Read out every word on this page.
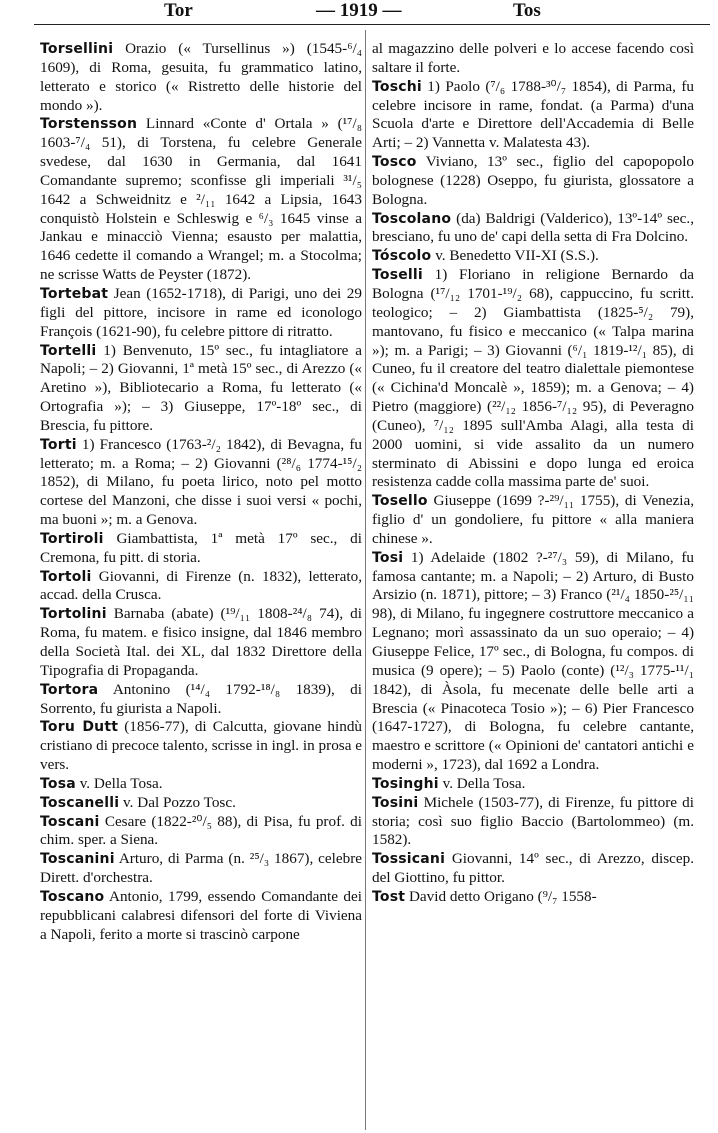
Tor	— 1919 —	Tos

Torsellini Orazio (« Tursellinus ») (1545-⁶/₄ 1609), di Roma, gesuita, fu grammatico latino, letterato e storico (« Ristretto delle historie del mondo »).

Torstensson Linnard «Conte d' Ortala » (¹⁷/₈ 1603-⁷/₄ 51), di Torstena, fu celebre Generale svedese, dal 1630 in Germania, dal 1641 Comandante supremo; sconfisse gli imperiali ³¹/₅ 1642 a Schweidnitz e ²/₁₁ 1642 a Lipsia, 1643 conquistò Holstein e Schleswig e ⁶/₃ 1645 vinse a Jankau e minacciò Vienna; esausto per malattia, 1646 cedette il comando a Wrangel; m. a Stocolma; ne scrisse Watts de Peyster (1872).

Tortebat Jean (1652-1718), di Parigi, uno dei 29 figli del pittore, incisore in rame ed iconologo François (1621-90), fu celebre pittore di ritratto.

Tortelli 1) Benvenuto, 15º sec., fu intagliatore a Napoli; – 2) Giovanni, 1ª metà 15º sec., di Arezzo (« Aretino »), Bibliotecario a Roma, fu letterato (« Ortografia »); – 3) Giuseppe, 17º-18º sec., di Brescia, fu pittore.

Torti 1) Francesco (1763-²/₂ 1842), di Bevagna, fu letterato; m. a Roma; – 2) Giovanni (²⁸/₆ 1774-¹⁵/₂ 1852), di Milano, fu poeta lirico, noto pel motto cortese del Manzoni, che disse i suoi versi « pochi, ma buoni »; m. a Genova.

Tortiroli Giambattista, 1ª metà 17º sec., di Cremona, fu pitt. di storia.

Tortoli Giovanni, di Firenze (n. 1832), letterato, accad. della Crusca.

Tortolini Barnaba (abate) (¹⁹/₁₁ 1808-²⁴/₈ 74), di Roma, fu matem. e fisico insigne, dal 1846 membro della Società Ital. dei XL, dal 1832 Direttore della Tipografia di Propaganda.

Tortora Antonino (¹⁴/₄ 1792-¹⁸/₈ 1839), di Sorrento, fu giurista a Napoli.

Toru Dutt (1856-77), di Calcutta, giovane hindù cristiano di precoce talento, scrisse in ingl. in prosa e vers.

Tosa v. Della Tosa.

Toscanelli v. Dal Pozzo Tosc.

Toscani Cesare (1822-²⁰/₅ 88), di Pisa, fu prof. di chim. sper. a Siena.

Toscanini Arturo, di Parma (n. ²⁵/₃ 1867), celebre Dirett. d'orchestra.

Toscano Antonio, 1799, essendo Comandante dei repubblicani calabresi difensori del forte di Viviena a Napoli, ferito a morte si trascinò carpone

al magazzino delle polveri e lo accese facendo così saltare il forte.

Toschi 1) Paolo (⁷/₆ 1788-³⁰/₇ 1854), di Parma, fu celebre incisore in rame, fondat. (a Parma) d'una Scuola d'arte e Direttore dell'Accademia di Belle Arti; – 2) Vannetta v. Malatesta 43).

Tosco Viviano, 13º sec., figlio del capopopolo bolognese (1228) Oseppo, fu giurista, glossatore a Bologna.

Toscolano (da) Baldrigi (Valderico), 13º-14º sec., bresciano, fu uno de' capi della setta di Fra Dolcino.

Tóscolo v. Benedetto VII-XI (S.S.).

Toselli 1) Floriano in religione Bernardo da Bologna (¹⁷/₁₂ 1701-¹⁹/₂ 68), cappuccino, fu scritt. teologico; – 2) Giambattista (1825-⁵/₂ 79), mantovano, fu fisico e meccanico (« Talpa marina »); m. a Parigi; – 3) Giovanni (⁶/₁ 1819-¹²/₁ 85), di Cuneo, fu il creatore del teatro dialettale piemontese (« Cichina'd Moncalè », 1859); m. a Genova; – 4) Pietro (maggiore) (²²/₁₂ 1856-⁷/₁₂ 95), di Peveragno (Cuneo), ⁷/₁₂ 1895 sull'Amba Alagi, alla testa di 2000 uomini, si vide assalito da un numero sterminato di Abissini e dopo lunga ed eroica resistenza cadde colla massima parte de' suoi.

Tosello Giuseppe (1699 ?-²⁹/₁₁ 1755), di Venezia, figlio d' un gondoliere, fu pittore « alla maniera chinese ».

Tosi 1) Adelaide (1802 ?-²⁷/₃ 59), di Milano, fu famosa cantante; m. a Napoli; – 2) Arturo, di Busto Arsizio (n. 1871), pittore; – 3) Franco (²¹/₄ 1850-²⁵/₁₁ 98), di Milano, fu ingegnere costruttore meccanico a Legnano; morì assassinato da un suo operaio; – 4) Giuseppe Felice, 17º sec., di Bologna, fu compos. di musica (9 opere); – 5) Paolo (conte) (¹²/₃ 1775-¹¹/₁ 1842), di Àsola, fu mecenate delle belle arti a Brescia (« Pinacoteca Tosio »); – 6) Pier Francesco (1647-1727), di Bologna, fu celebre cantante, maestro e scrittore (« Opinioni de' cantatori antichi e moderni », 1723), dal 1692 a Londra.

Tosinghi v. Della Tosa.

Tosini Michele (1503-77), di Firenze, fu pittore di storia; così suo figlio Baccio (Bartolommeo) (m. 1582).

Tossicani Giovanni, 14º sec., di Arezzo, discep. del Giottino, fu pittor.

Tost David detto Origano (⁹/₇ 1558-
